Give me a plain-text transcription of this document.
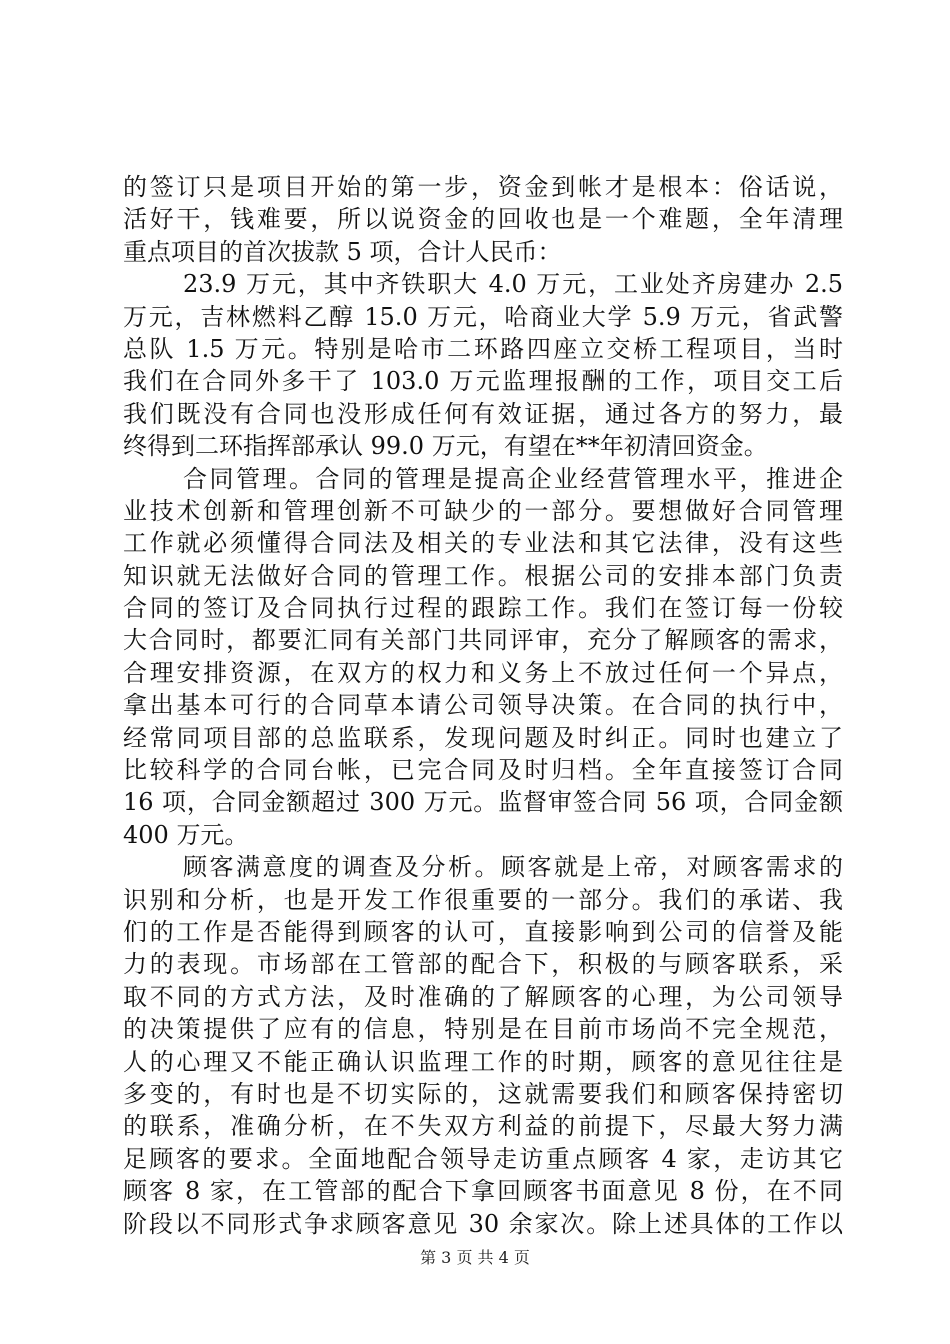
的签订只是项目开始的第一步，资金到帐才是根本：俗话说，
活好干，钱难要，所以说资金的回收也是一个难题，全年清理
重点项目的首次拔款 5 项，合计人民币：
23.9 万元，其中齐铁职大 4.0 万元，工业处齐房建办 2.5
万元，吉林燃料乙醇 15.0 万元，哈商业大学 5.9 万元，省武警
总队 1.5 万元。特别是哈市二环路四座立交桥工程项目，当时
我们在合同外多干了 103.0 万元监理报酬的工作，项目交工后
我们既没有合同也没形成任何有效证据，通过各方的努力，最
终得到二环指挥部承认 99.0 万元，有望在**年初清回资金。
合同管理。合同的管理是提高企业经营管理水平，推进企
业技术创新和管理创新不可缺少的一部分。要想做好合同管理
工作就必须懂得合同法及相关的专业法和其它法律，没有这些
知识就无法做好合同的管理工作。根据公司的安排本部门负责
合同的签订及合同执行过程的跟踪工作。我们在签订每一份较
大合同时，都要汇同有关部门共同评审，充分了解顾客的需求，
合理安排资源，在双方的权力和义务上不放过任何一个异点，
拿出基本可行的合同草本请公司领导决策。在合同的执行中，
经常同项目部的总监联系，发现问题及时纠正。同时也建立了
比较科学的合同台帐，已完合同及时归档。全年直接签订合同
16 项，合同金额超过 300 万元。监督审签合同 56 项，合同金额
400 万元。
顾客满意度的调查及分析。顾客就是上帝，对顾客需求的
识别和分析，也是开发工作很重要的一部分。我们的承诺、我
们的工作是否能得到顾客的认可，直接影响到公司的信誉及能
力的表现。市场部在工管部的配合下，积极的与顾客联系，采
取不同的方式方法，及时准确的了解顾客的心理，为公司领导
的决策提供了应有的信息，特别是在目前市场尚不完全规范，
人的心理又不能正确认识监理工作的时期，顾客的意见往往是
多变的，有时也是不切实际的，这就需要我们和顾客保持密切
的联系，准确分析，在不失双方利益的前提下，尽最大努力满
足顾客的要求。全面地配合领导走访重点顾客 4 家，走访其它
顾客 8 家，在工管部的配合下拿回顾客书面意见 8 份，在不同
阶段以不同形式争求顾客意见 30 余家次。除上述具体的工作以
第 3 页 共 4 页
